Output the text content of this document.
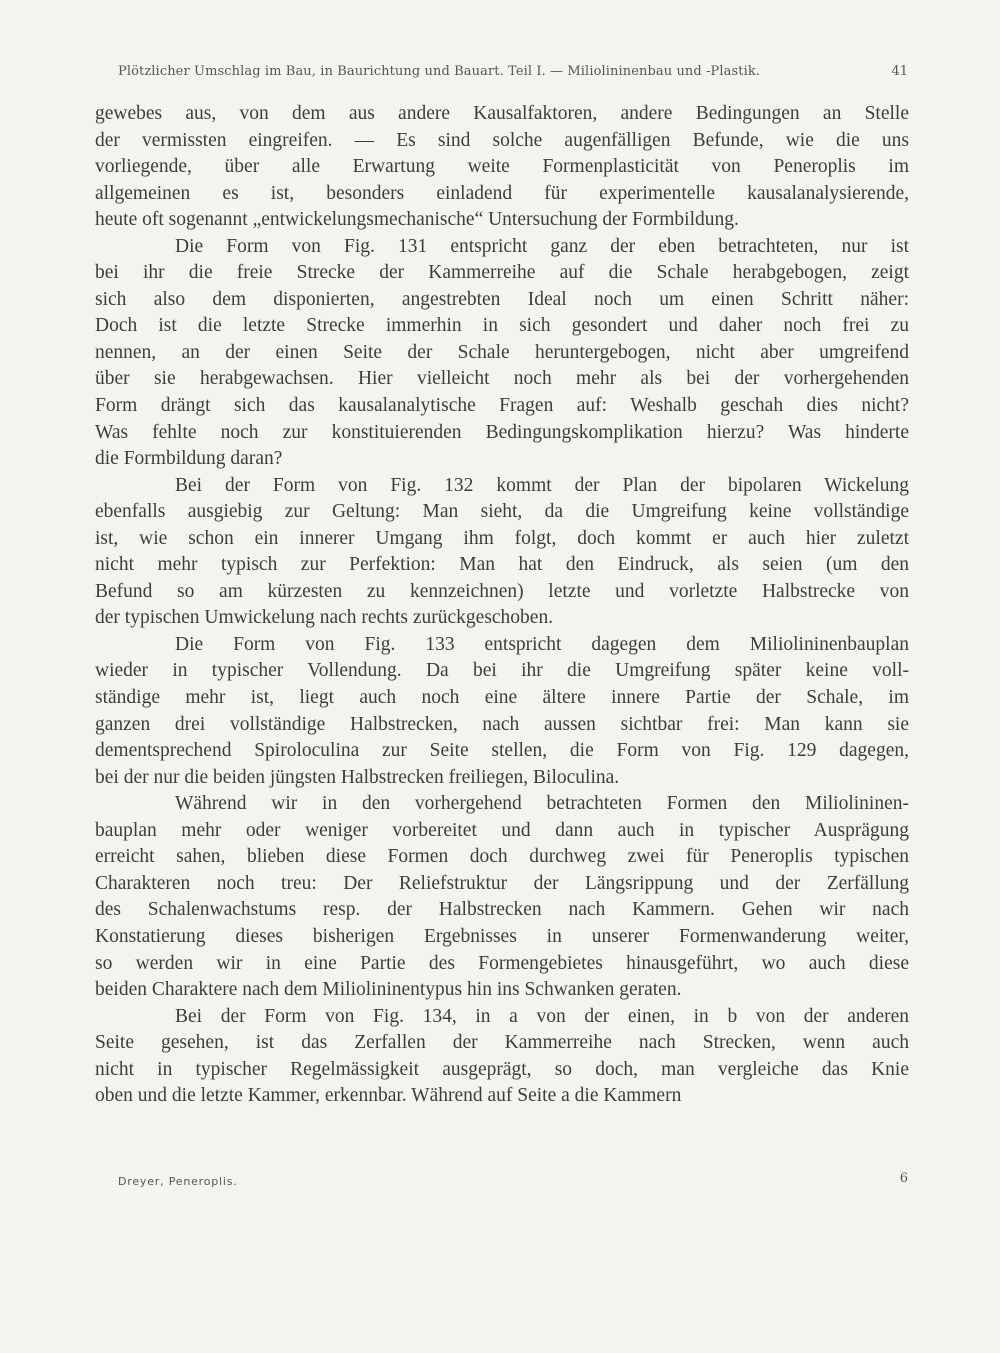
Plötzlicher Umschlag im Bau, in Baurichtung und Bauart. Teil I. — Miliolininenbau und -Plastik.	41
gewebes aus, von dem aus andere Kausalfaktoren, andere Bedingungen an Stelle
der vermissten eingreifen. — Es sind solche augenfälligen Befunde, wie die uns
vorliegende, über alle Erwartung weite Formenplasticität von Peneroplis im
allgemeinen es ist, besonders einladend für experimentelle kausalanalysierende,
heute oft sogenannt „entwickelungsmechanische“ Untersuchung der Formbildung.
Die Form von Fig. 131 entspricht ganz der eben betrachteten, nur ist
bei ihr die freie Strecke der Kammerreihe auf die Schale herabgebogen, zeigt
sich also dem disponierten, angestrebten Ideal noch um einen Schritt näher:
Doch ist die letzte Strecke immerhin in sich gesondert und daher noch frei zu
nennen, an der einen Seite der Schale heruntergebogen, nicht aber umgreifend
über sie herabgewachsen. Hier vielleicht noch mehr als bei der vorhergehenden
Form drängt sich das kausalanalytische Fragen auf: Weshalb geschah dies nicht?
Was fehlte noch zur konstituierenden Bedingungskomplikation hierzu? Was hinderte
die Formbildung daran?
Bei der Form von Fig. 132 kommt der Plan der bipolaren Wickelung
ebenfalls ausgiebig zur Geltung: Man sieht, da die Umgreifung keine vollständige
ist, wie schon ein innerer Umgang ihm folgt, doch kommt er auch hier zuletzt
nicht mehr typisch zur Perfektion: Man hat den Eindruck, als seien (um den
Befund so am kürzesten zu kennzeichnen) letzte und vorletzte Halbstrecke von
der typischen Umwickelung nach rechts zurückgeschoben.
Die Form von Fig. 133 entspricht dagegen dem Miliolininenbauplan
wieder in typischer Vollendung. Da bei ihr die Umgreifung später keine voll-
ständige mehr ist, liegt auch noch eine ältere innere Partie der Schale, im
ganzen drei vollständige Halbstrecken, nach aussen sichtbar frei: Man kann sie
dementsprechend Spiroloculina zur Seite stellen, die Form von Fig. 129 dagegen,
bei der nur die beiden jüngsten Halbstrecken freiliegen, Biloculina.
Während wir in den vorhergehend betrachteten Formen den Miliolininen-
bauplan mehr oder weniger vorbereitet und dann auch in typischer Ausprägung
erreicht sahen, blieben diese Formen doch durchweg zwei für Peneroplis typischen
Charakteren noch treu: Der Reliefstruktur der Längsrippung und der Zerfällung
des Schalenwachstums resp. der Halbstrecken nach Kammern. Gehen wir nach
Konstatierung dieses bisherigen Ergebnisses in unserer Formenwanderung weiter,
so werden wir in eine Partie des Formengebietes hinausgeführt, wo auch diese
beiden Charaktere nach dem Miliolininentypus hin ins Schwanken geraten.
Bei der Form von Fig. 134, in a von der einen, in b von der anderen
Seite gesehen, ist das Zerfallen der Kammerreihe nach Strecken, wenn auch
nicht in typischer Regelmässigkeit ausgeprägt, so doch, man vergleiche das Knie
oben und die letzte Kammer, erkennbar. Während auf Seite a die Kammern
Dreyer, Peneroplis.	6
